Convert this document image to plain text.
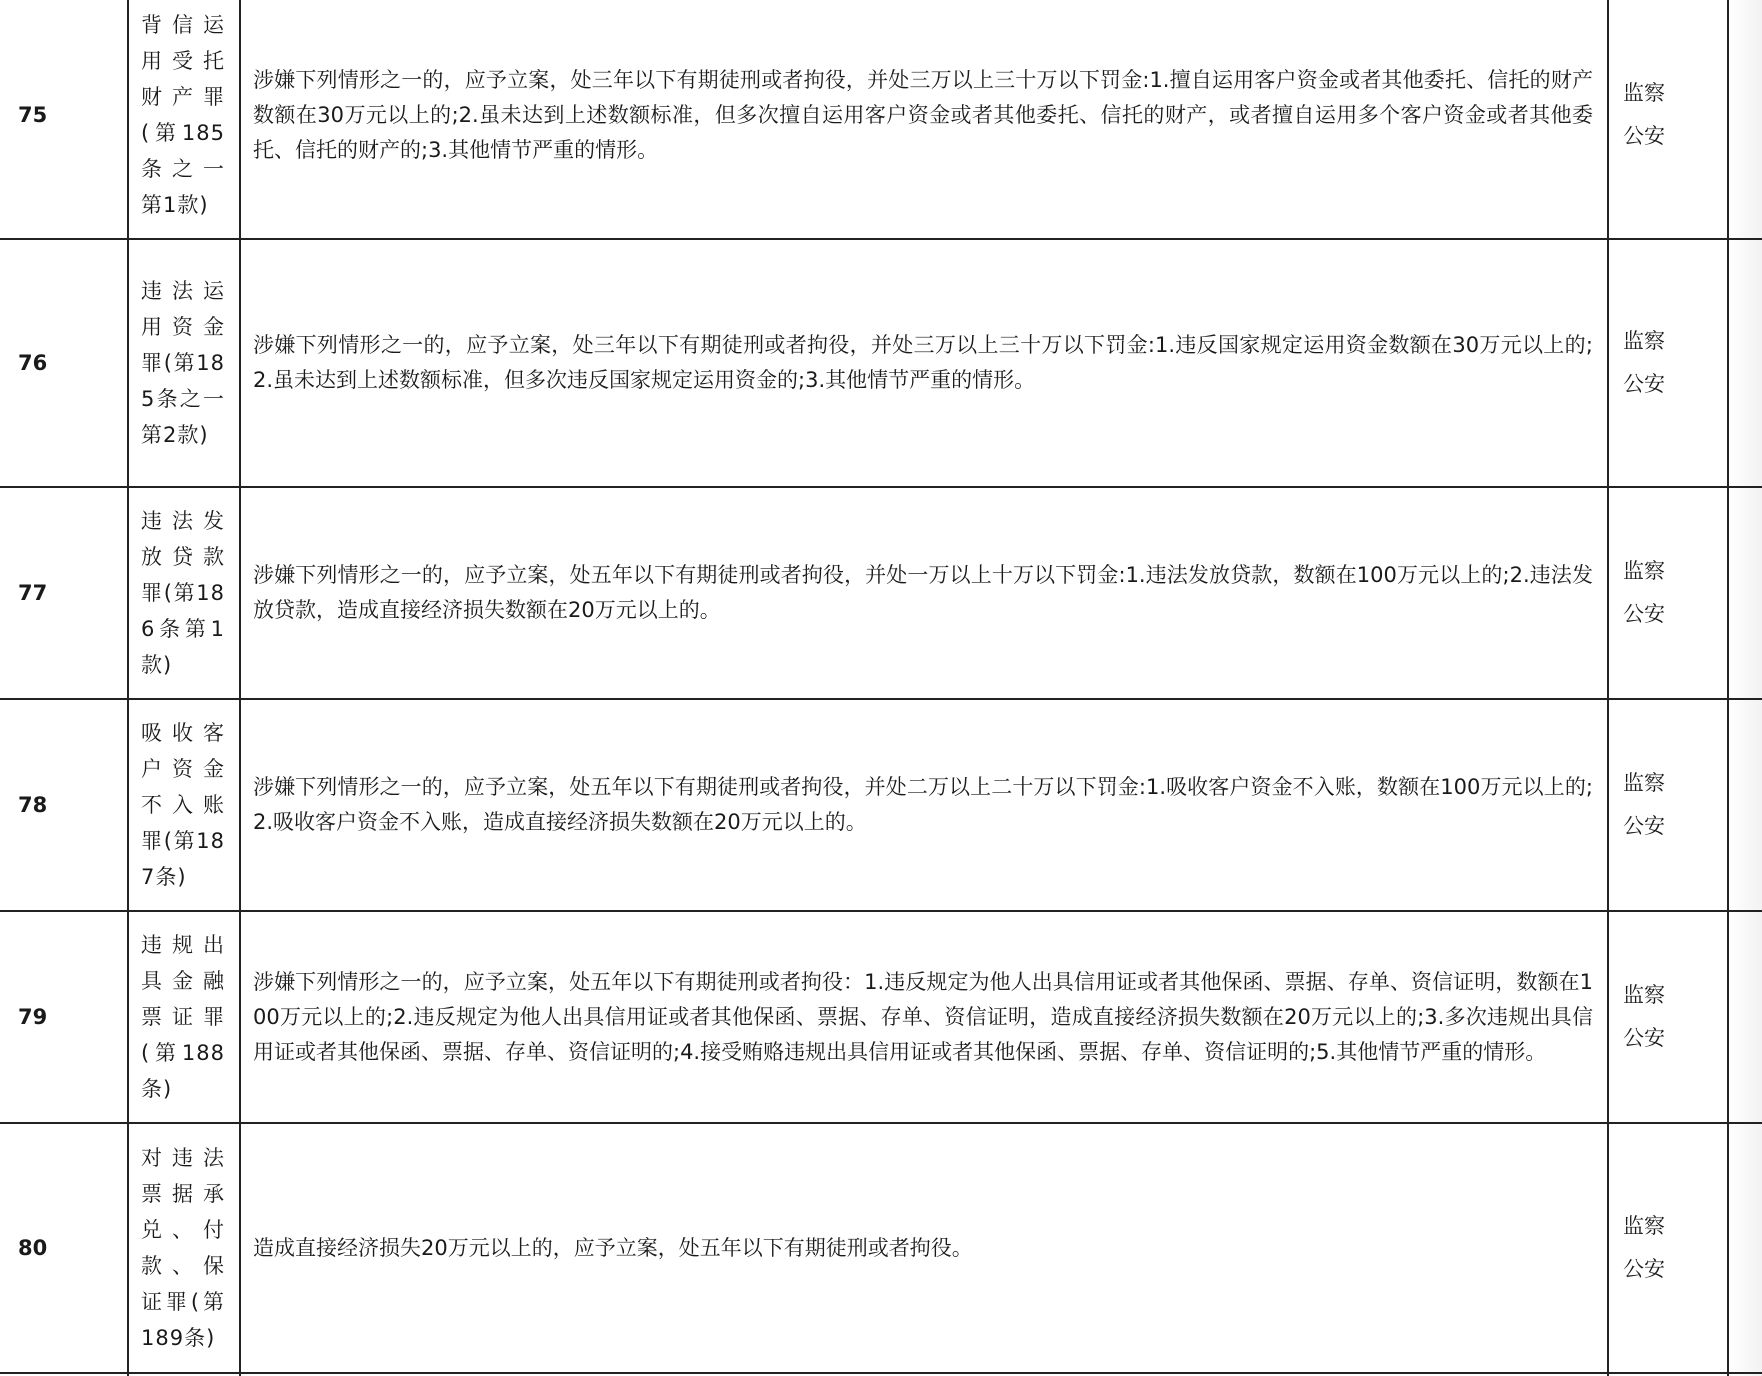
75	背信运用受托财产罪(第185条之一第1款)	涉嫌下列情形之一的，应予立案，处三年以下有期徒刑或者拘役，并处三万以上三十万以下罚金:1.擅自运用客户资金或者其他委托、信托的财产数额在30万元以上的;2.虽未达到上述数额标准，但多次擅自运用客户资金或者其他委托、信托的财产，或者擅自运用多个客户资金或者其他委托、信托的财产的;3.其他情节严重的情形。	监察
公安	

76	违法运用资金罪(第185条之一第2款)	涉嫌下列情形之一的，应予立案，处三年以下有期徒刑或者拘役，并处三万以上三十万以下罚金:1.违反国家规定运用资金数额在30万元以上的;2.虽未达到上述数额标准，但多次违反国家规定运用资金的;3.其他情节严重的情形。	监察
公安	

77	违法发放贷款罪(第186条第1款)	涉嫌下列情形之一的，应予立案，处五年以下有期徒刑或者拘役，并处一万以上十万以下罚金:1.违法发放贷款，数额在100万元以上的;2.违法发放贷款，造成直接经济损失数额在20万元以上的。	监察
公安	

78	吸收客户资金不入账罪(第187条)	涉嫌下列情形之一的，应予立案，处五年以下有期徒刑或者拘役，并处二万以上二十万以下罚金:1.吸收客户资金不入账，数额在100万元以上的;2.吸收客户资金不入账，造成直接经济损失数额在20万元以上的。	监察
公安	

79	违规出具金融票证罪(第188条)	涉嫌下列情形之一的，应予立案，处五年以下有期徒刑或者拘役：1.违反规定为他人出具信用证或者其他保函、票据、存单、资信证明，数额在100万元以上的;2.违反规定为他人出具信用证或者其他保函、票据、存单、资信证明，造成直接经济损失数额在20万元以上的;3.多次违规出具信用证或者其他保函、票据、存单、资信证明的;4.接受贿赂违规出具信用证或者其他保函、票据、存单、资信证明的;5.其他情节严重的情形。	监察
公安	

80	对违法票据承兑、付款、保证罪(第189条)	造成直接经济损失20万元以上的，应予立案，处五年以下有期徒刑或者拘役。	监察
公安	
